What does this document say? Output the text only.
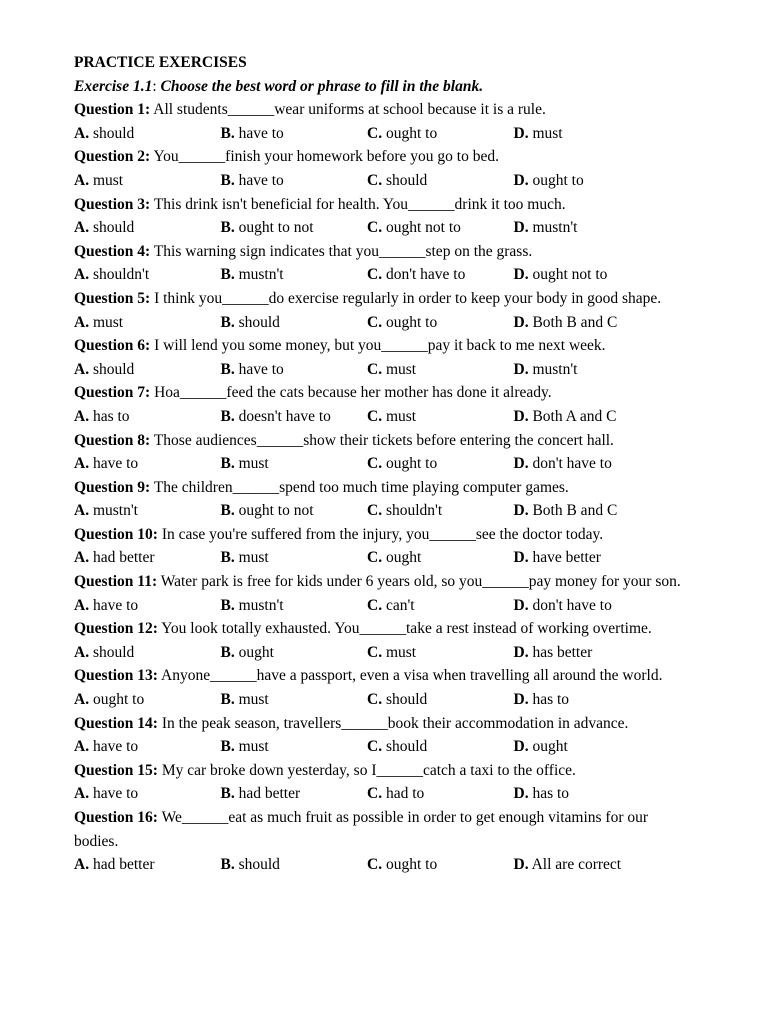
PRACTICE EXERCISES
Exercise 1.1: Choose the best word or phrase to fill in the blank.
Question 1: All students______wear uniforms at school because it is a rule.
A. should	B. have to	C. ought to	D. must
Question 2: You______finish your homework before you go to bed.
A. must	B. have to	C. should	D. ought to
Question 3: This drink isn't beneficial for health. You______drink it too much.
A. should	B. ought to not	C. ought not to	D. mustn't
Question 4: This warning sign indicates that you______step on the grass.
A. shouldn't	B. mustn't	C. don't have to	D. ought not to
Question 5: I think you______do exercise regularly in order to keep your body in good shape.
A. must	B. should	C. ought to	D. Both B and C
Question 6: I will lend you some money, but you______pay it back to me next week.
A. should	B. have to	C. must	D. mustn't
Question 7: Hoa______feed the cats because her mother has done it already.
A. has to	B. doesn't have to	C. must	D. Both A and C
Question 8: Those audiences______show their tickets before entering the concert hall.
A. have to	B. must	C. ought to	D. don't have to
Question 9: The children______spend too much time playing computer games.
A. mustn't	B. ought to not	C. shouldn't	D. Both B and C
Question 10: In case you're suffered from the injury, you______see the doctor today.
A. had better	B. must	C. ought	D. have better
Question 11: Water park is free for kids under 6 years old, so you______pay money for your son.
A. have to	B. mustn't	C. can't	D. don't have to
Question 12: You look totally exhausted. You______take a rest instead of working overtime.
A. should	B. ought	C. must	D. has better
Question 13: Anyone______have a passport, even a visa when travelling all around the world.
A. ought to	B. must	C. should	D. has to
Question 14: In the peak season, travellers______book their accommodation in advance.
A. have to	B. must	C. should	D. ought
Question 15: My car broke down yesterday, so I______catch a taxi to the office.
A. have to	B. had better	C. had to	D. has to
Question 16: We______eat as much fruit as possible in order to get enough vitamins for our bodies.
A. had better	B. should	C. ought to	D. All are correct
